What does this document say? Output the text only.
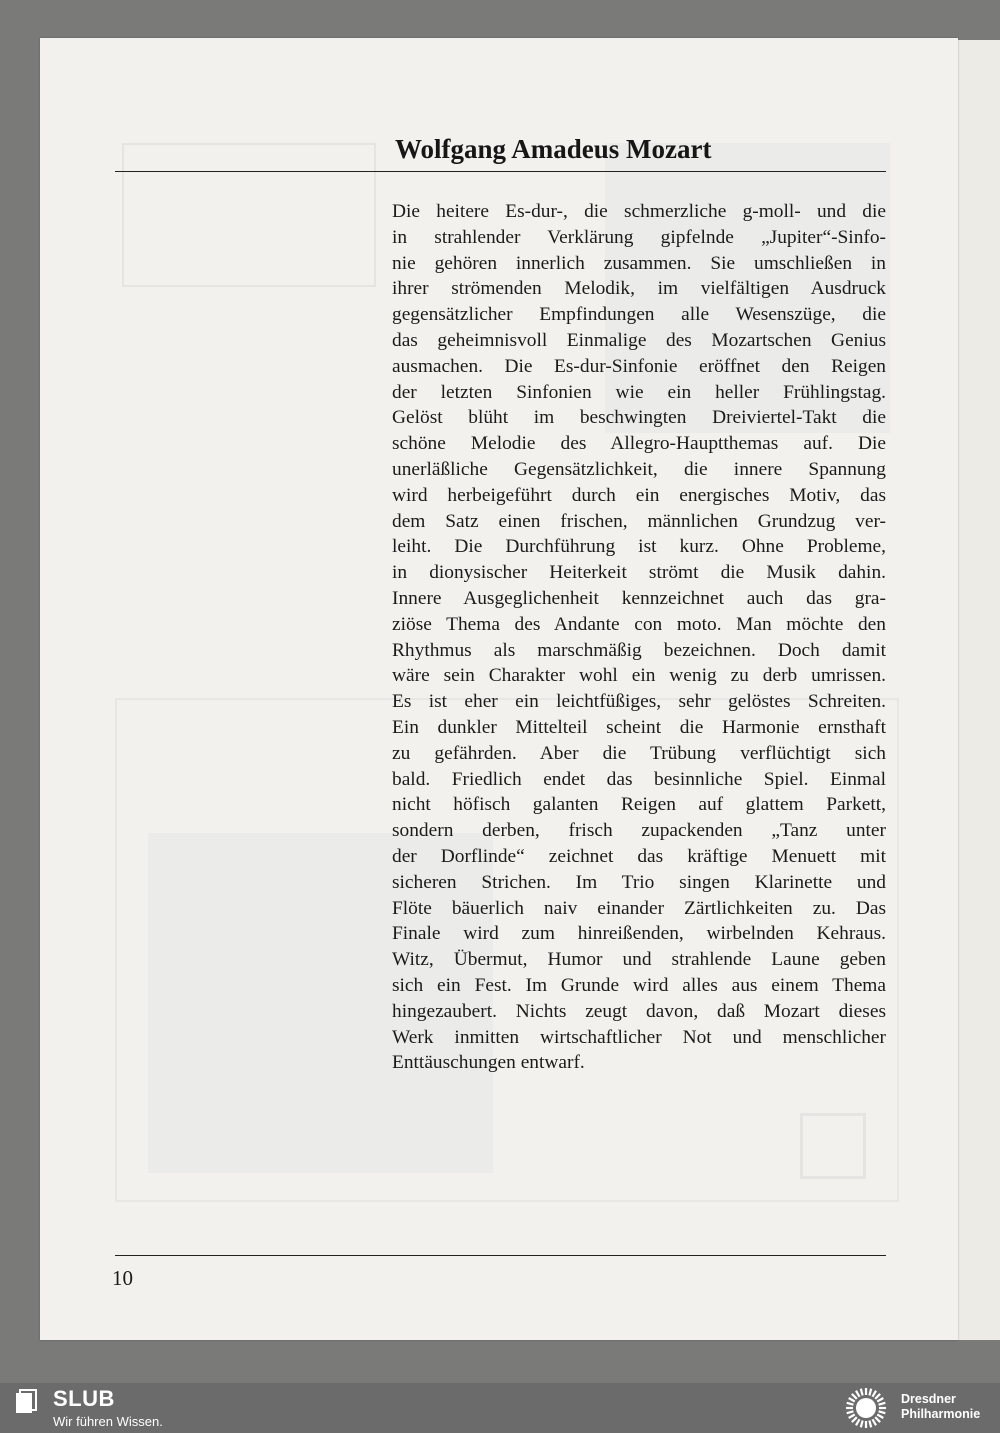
Wolfgang Amadeus Mozart

Die heitere Es-dur-, die schmerzliche g-moll- und die
in strahlender Verklärung gipfelnde „Jupiter“-Sinfo-
nie gehören innerlich zusammen. Sie umschließen in
ihrer strömenden Melodik, im vielfältigen Ausdruck
gegensätzlicher Empfindungen alle Wesenszüge, die
das geheimnisvoll Einmalige des Mozartschen Genius
ausmachen. Die Es-dur-Sinfonie eröffnet den Reigen
der letzten Sinfonien wie ein heller Frühlingstag.
Gelöst blüht im beschwingten Dreiviertel-Takt die
schöne Melodie des Allegro-Hauptthemas auf. Die
unerläßliche Gegensätzlichkeit, die innere Spannung
wird herbeigeführt durch ein energisches Motiv, das
dem Satz einen frischen, männlichen Grundzug ver-
leiht. Die Durchführung ist kurz. Ohne Probleme,
in dionysischer Heiterkeit strömt die Musik dahin.
Innere Ausgeglichenheit kennzeichnet auch das gra-
ziöse Thema des Andante con moto. Man möchte den
Rhythmus als marschmäßig bezeichnen. Doch damit
wäre sein Charakter wohl ein wenig zu derb umrissen.
Es ist eher ein leichtfüßiges, sehr gelöstes Schreiten.
Ein dunkler Mittelteil scheint die Harmonie ernsthaft
zu gefährden. Aber die Trübung verflüchtigt sich
bald. Friedlich endet das besinnliche Spiel. Einmal
nicht höfisch galanten Reigen auf glattem Parkett,
sondern derben, frisch zupackenden „Tanz unter
der Dorflinde“ zeichnet das kräftige Menuett mit
sicheren Strichen. Im Trio singen Klarinette und
Flöte bäuerlich naiv einander Zärtlichkeiten zu. Das
Finale wird zum hinreißenden, wirbelnden Kehraus.
Witz, Übermut, Humor und strahlende Laune geben
sich ein Fest. Im Grunde wird alles aus einem Thema
hingezaubert. Nichts zeugt davon, daß Mozart dieses
Werk inmitten wirtschaftlicher Not und menschlicher
Enttäuschungen entwarf.

10
SLUB
Wir führen Wissen.
Dresdner
Philharmonie
